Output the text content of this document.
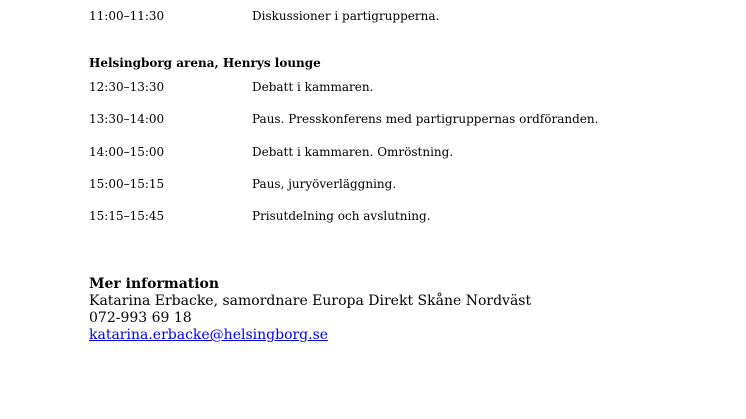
11:00–11:30	Diskussioner i partigrupperna.
Helsingborg arena, Henrys lounge
12:30–13:30	Debatt i kammaren.
13:30–14:00	Paus. Presskonferens med partigruppernas ordföranden.
14:00–15:00	Debatt i kammaren. Omröstning.
15:00–15:15	Paus, juryöverläggning.
15:15–15:45	Prisutdelning och avslutning.
Mer information
Katarina Erbacke, samordnare Europa Direkt Skåne Nordväst
072-993 69 18
katarina.erbacke@helsingborg.se
